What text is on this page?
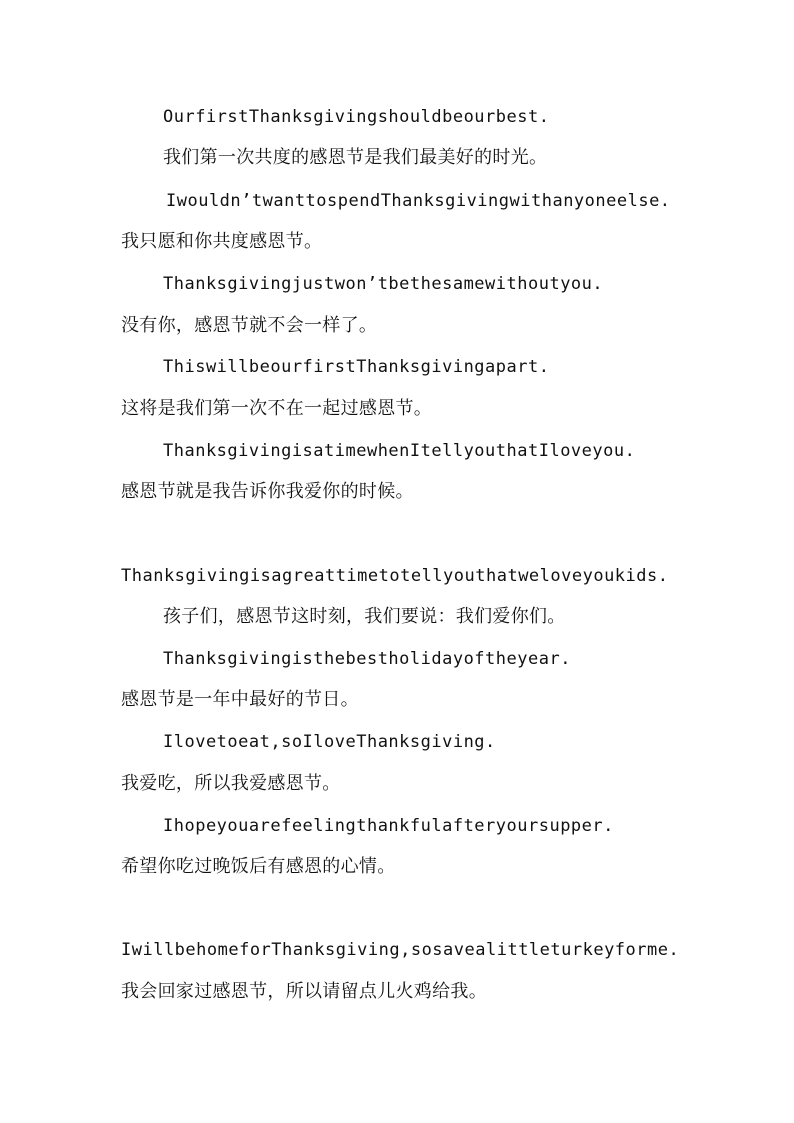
OurfirstThanksgivingshouldbeourbest.
我们第一次共度的感恩节是我们最美好的时光。
Iwouldn’twanttospendThanksgivingwithanyoneelse.
我只愿和你共度感恩节。
Thanksgivingjustwon’tbethesamewithoutyou.
没有你，感恩节就不会一样了。
ThiswillbeourfirstThanksgivingapart.
这将是我们第一次不在一起过感恩节。
ThanksgivingisatimewhenItellyouthatIloveyou.
感恩节就是我告诉你我爱你的时候。
Thanksgivingisagreattimetotellyouthatweloveyoukids.
孩子们，感恩节这时刻，我们要说：我们爱你们。
Thanksgivingisthebestholidayoftheyear.
感恩节是一年中最好的节日。
Ilovetoeat,soIloveThanksgiving.
我爱吃，所以我爱感恩节。
Ihopeyouarefeelingthankfulafteryoursupper.
希望你吃过晚饭后有感恩的心情。
IwillbehomeforThanksgiving,sosavealittleturkeyforme.
我会回家过感恩节，所以请留点儿火鸡给我。
